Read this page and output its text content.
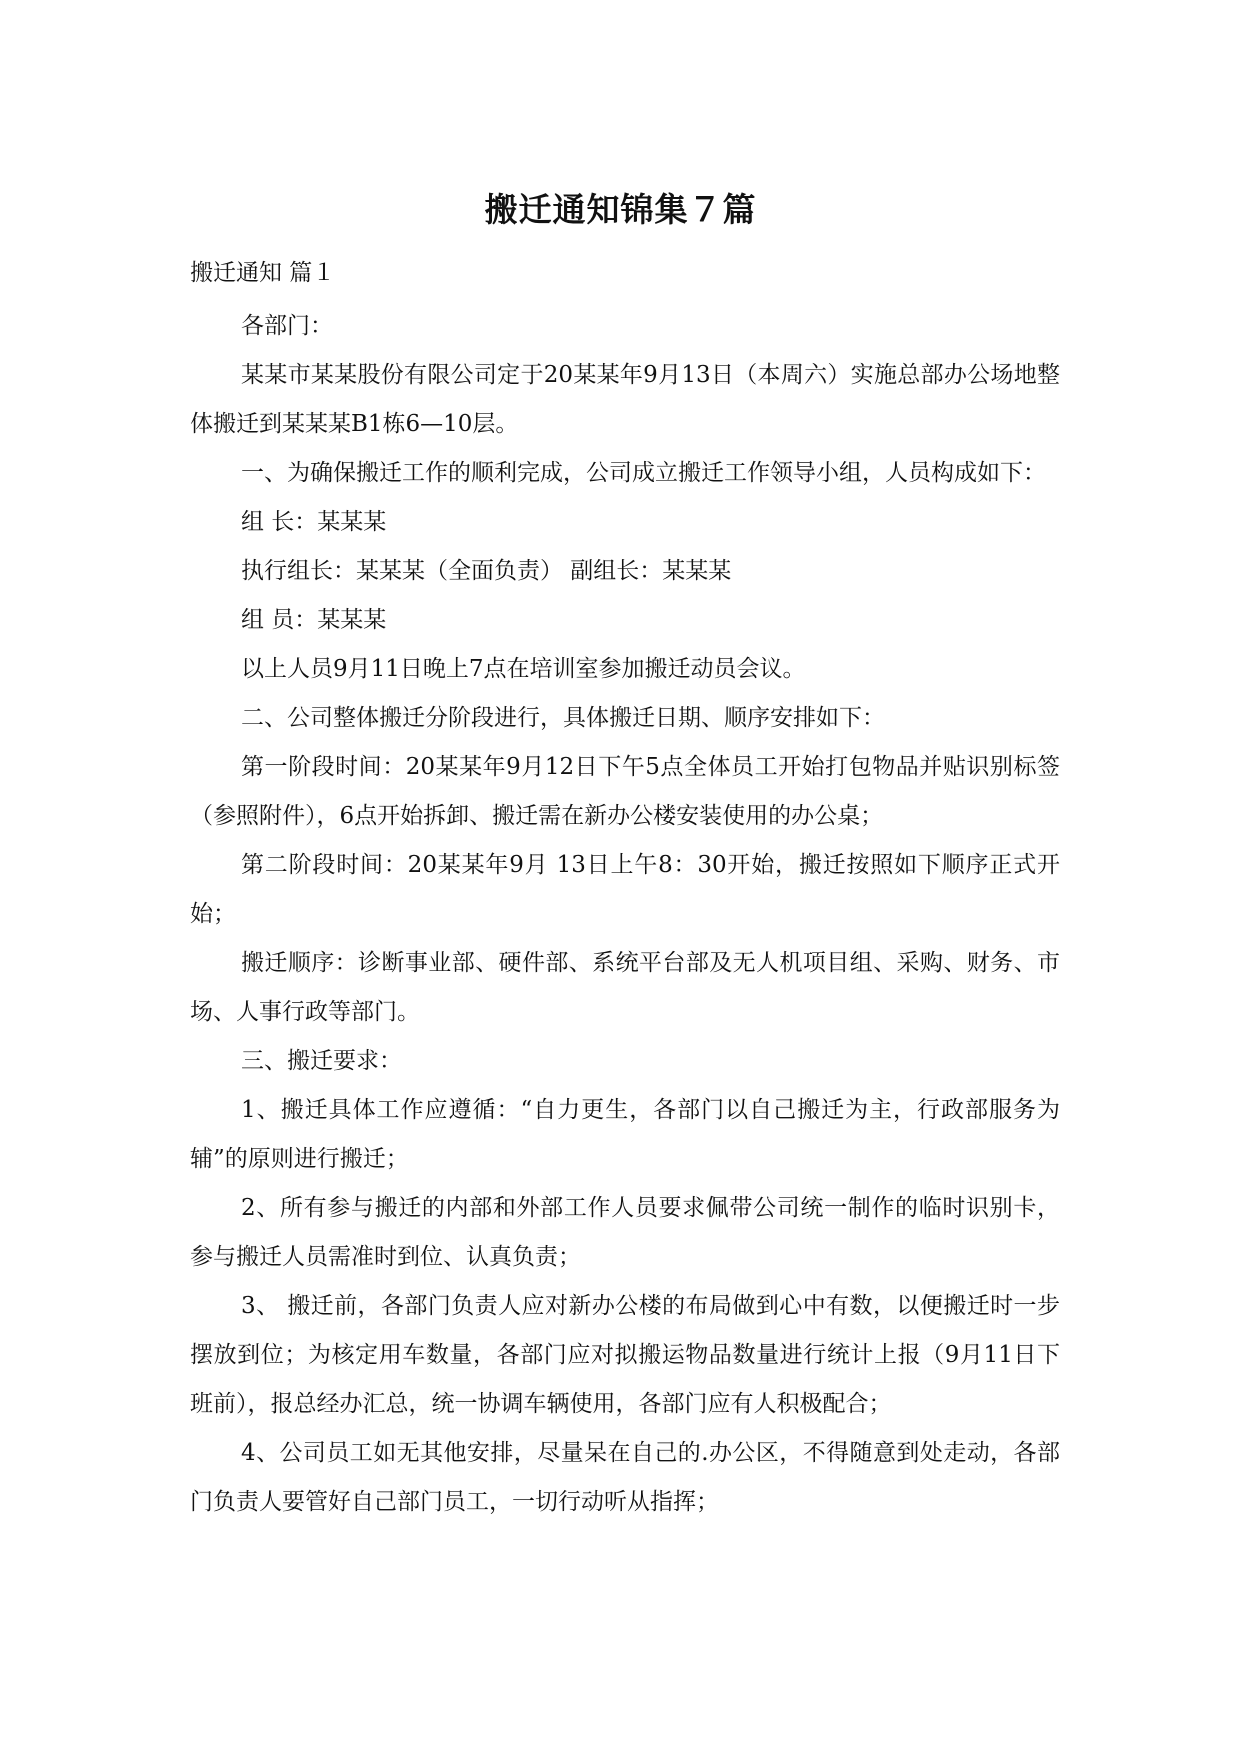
搬迁通知锦集７篇
搬迁通知 篇１

各部门：

某某市某某股份有限公司定于20某某年9月13日（本周六）实施总部办公场地整体搬迁到某某某B1栋6—10层。

一、为确保搬迁工作的顺利完成，公司成立搬迁工作领导小组，人员构成如下：

组 长：某某某

执行组长：某某某（全面负责） 副组长：某某某

组 员：某某某

以上人员9月11日晚上7点在培训室参加搬迁动员会议。

二、公司整体搬迁分阶段进行，具体搬迁日期、顺序安排如下：

第一阶段时间：20某某年9月12日下午5点全体员工开始打包物品并贴识别标签（参照附件），6点开始拆卸、搬迁需在新办公楼安装使用的办公桌；

第二阶段时间：20某某年9月 13日上午8：30开始，搬迁按照如下顺序正式开始；

搬迁顺序：诊断事业部、硬件部、系统平台部及无人机项目组、采购、财务、市场、人事行政等部门。

三、搬迁要求：

1、搬迁具体工作应遵循：“自力更生，各部门以自己搬迁为主，行政部服务为辅”的原则进行搬迁；

2、所有参与搬迁的内部和外部工作人员要求佩带公司统一制作的临时识别卡，参与搬迁人员需准时到位、认真负责；

3、 搬迁前，各部门负责人应对新办公楼的布局做到心中有数，以便搬迁时一步摆放到位；为核定用车数量，各部门应对拟搬运物品数量进行统计上报（9月11日下班前），报总经办汇总，统一协调车辆使用，各部门应有人积极配合；

4、公司员工如无其他安排，尽量呆在自己的.办公区，不得随意到处走动，各部门负责人要管好自己部门员工，一切行动听从指挥；
